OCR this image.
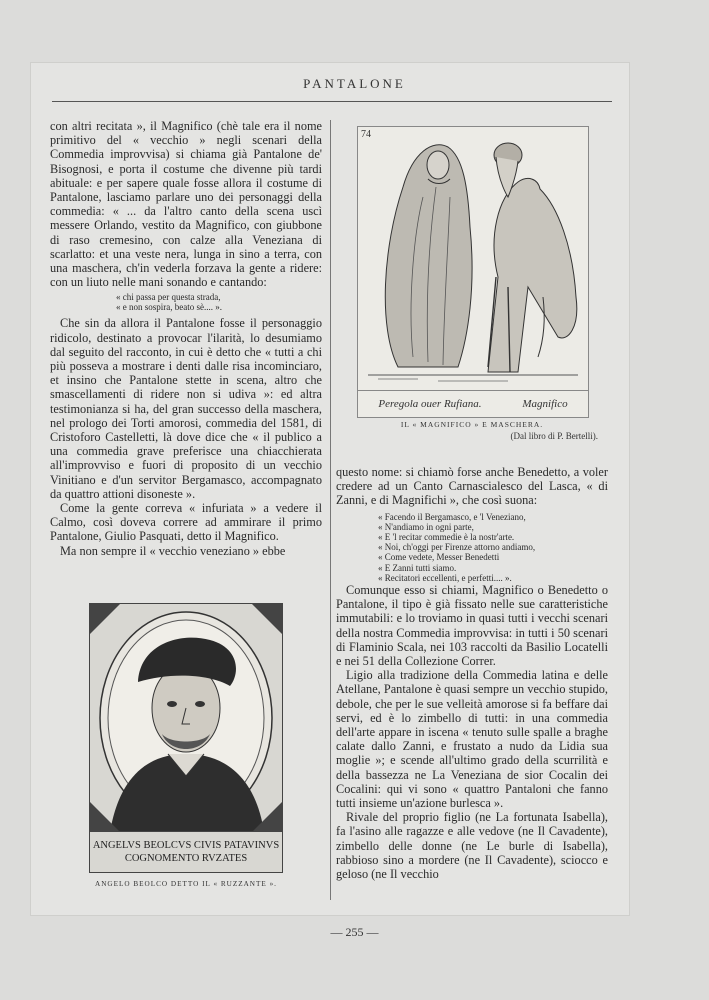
PANTALONE

con altri recitata », il Magnifico (chè tale era il nome primitivo del « vecchio » negli scenari della Commedia improvvisa) si chiama già Pantalone de' Bisognosi, e porta il costume che divenne più tardi abituale: e per sapere quale fosse allora il costume di Pantalone, lasciamo parlare uno dei personaggi della commedia: « ... da l'altro canto della scena uscì messere Orlando, vestito da Magnifico, con giubbone di raso cremesino, con calze alla Veneziana di scarlatto: et una veste nera, lunga in sino a terra, con una maschera, ch'in vederla forzava la gente a ridere: con un liuto nelle mani sonando e cantando:

« chi passa per questa strada,
« e non sospira, beato sè.... ».

Che sin da allora il Pantalone fosse il personaggio ridicolo, destinato a provocar l'ilarità, lo desumiamo dal seguito del racconto, in cui è detto che « tutti a chi più posseva a mostrare i denti dalle risa incominciaro, et insino che Pantalone stette in scena, altro che smascellamenti di ridere non si udiva »: ed altra testimonianza si ha, del gran successo della maschera, nel prologo dei Torti amorosi, commedia del 1581, di Cristoforo Castelletti, là dove dice che « il publico a una commedia grave preferisce una chiacchierata all'improvviso e fuori di proposito di un vecchio Vinitiano e d'un servitor Bergamasco, accompagnato da quattro attioni disoneste ».

Come la gente correva « infuriata » a vedere il Calmo, così doveva correre ad ammirare il primo Pantalone, Giulio Pasquati, detto il Magnifico.

Ma non sempre il « vecchio veneziano » ebbe

74
Peregola ouer Rufiana.	Magnifico
IL « MAGNIFICO » E MASCHERA.
(Dal libro di P. Bertelli).

questo nome: si chiamò forse anche Benedetto, a voler credere ad un Canto Carnascialesco del Lasca, « di Zanni, e di Magnifichi », che così suona:

« Facendo il Bergamasco, e 'l Veneziano,
« N'andiamo in ogni parte,
« E 'l recitar commedie è la nostr'arte.
« Noi, ch'oggi per Firenze attorno andiamo,
« Come vedete, Messer Benedetti
« E Zanni tutti siamo.
« Recitatori eccellenti, e perfetti.... ».

Comunque esso si chiami, Magnifico o Benedetto o Pantalone, il tipo è già fissato nelle sue caratteristiche immutabili: e lo troviamo in quasi tutti i vecchi scenari della nostra Commedia improvvisa: in tutti i 50 scenari di Flaminio Scala, nei 103 raccolti da Basilio Locatelli e nei 51 della Collezione Correr.

Ligio alla tradizione della Commedia latina e delle Atellane, Pantalone è quasi sempre un vecchio stupido, debole, che per le sue velleità amorose si fa beffare dai servi, ed è lo zimbello di tutti: in una commedia dell'arte appare in iscena « tenuto sulle spalle a braghe calate dallo Zanni, e frustato a nudo da Lidia sua moglie »; e scende all'ultimo grado della scurrilità e della bassezza ne La Veneziana de sior Cocalin dei Cocalini: qui vi sono « quattro Pantaloni che fanno tutti insieme un'azione burlesca ».

Rivale del proprio figlio (ne La fortunata Isabella), fa l'asino alle ragazze e alle vedove (ne Il Cavadente), zimbello delle donne (ne Le burle di Isabella), rabbioso sino a mordere (ne Il Cavadente), sciocco e geloso (ne Il vecchio

ANGELVS BEOLCVS CIVIS PATAVINVS
COGNOMENTO RVZATES
ANGELO BEOLCO DETTO IL « RUZZANTE ».
— 255 —
